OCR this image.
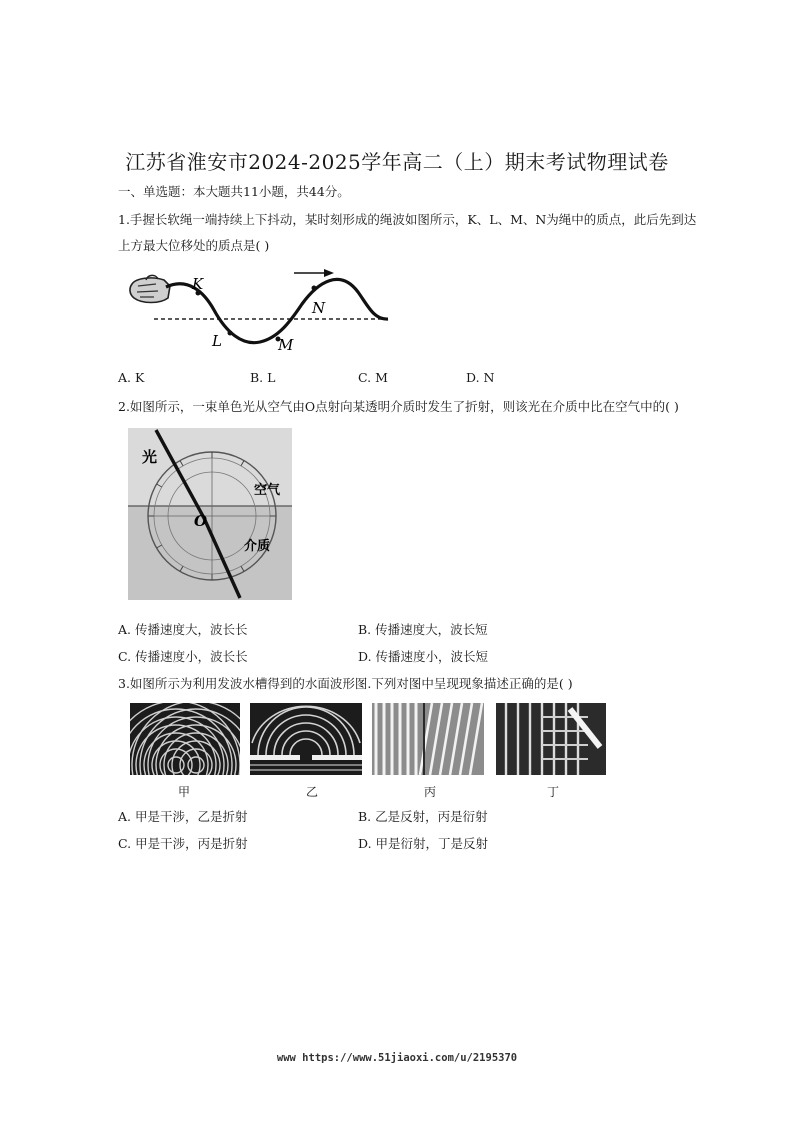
江苏省淮安市2024-2025学年高二（上）期末考试物理试卷
一、单选题：本大题共11小题，共44分。
1.手握长软绳一端持续上下抖动，某时刻形成的绳波如图所示，K、L、M、N为绳中的质点，此后先到达
上方最大位移处的质点是( )
K
L	M
N
A. K	B. L	C. M	D. N
2.如图所示，一束单色光从空气由O点射向某透明介质时发生了折射，则该光在介质中比在空气中的( )
光
空气
O
介质
A. 传播速度大，波长长	B. 传播速度大，波长短
C. 传播速度小，波长长	D. 传播速度小，波长短
3.如图所示为利用发波水槽得到的水面波形图.下列对图中呈现现象描述正确的是( )
甲	乙	丙	丁
A. 甲是干涉，乙是折射	B. 乙是反射，丙是衍射
C. 甲是干涉，丙是折射	D. 甲是衍射，丁是反射
www https://www.51jiaoxi.com/u/2195370
